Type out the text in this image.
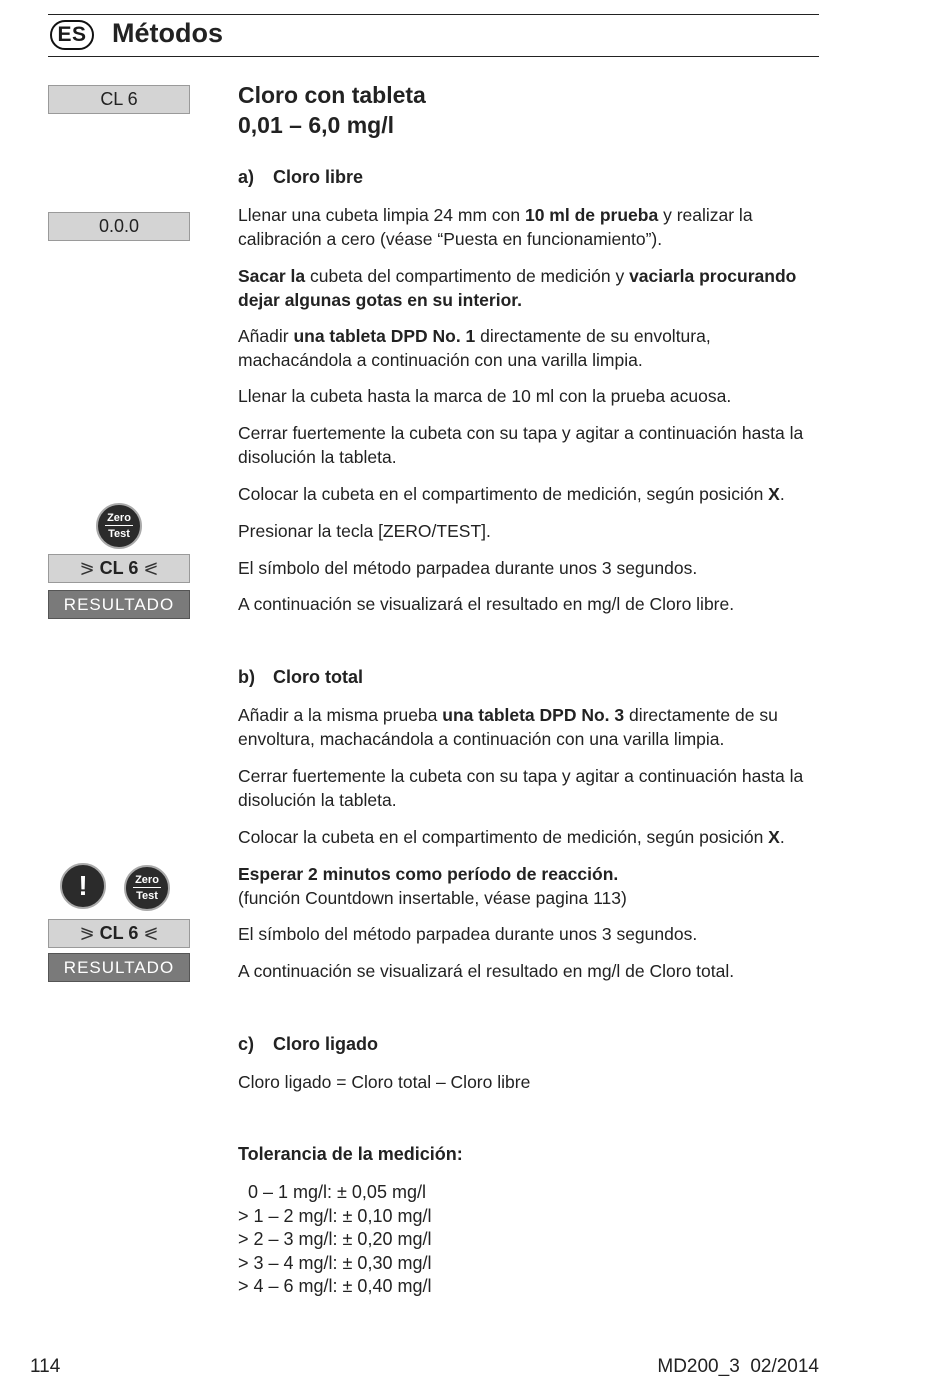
ES Métodos
CL 6
0.0.0
Zero
Test
⪖ CL 6 ⪕
RESULTADO
!	Zero
Test
⪖ CL 6 ⪕
RESULTADO
Cloro con tableta
0,01 – 6,0 mg/l
a) Cloro libre
Llenar una cubeta limpia 24 mm con 10 ml de prueba y realizar la calibración a cero (véase “Puesta en funcionamiento”).
Sacar la cubeta del compartimento de medición y vaciarla procurando dejar algunas gotas en su interior.
Añadir una tableta DPD No. 1 directamente de su envoltura, machacándola a continuación con una varilla limpia.
Llenar la cubeta hasta la marca de 10 ml con la prueba acuosa.
Cerrar fuertemente la cubeta con su tapa y agitar a continuación hasta la disolución la tableta.
Colocar la cubeta en el compartimento de medición, según posición X.
Presionar la tecla [ZERO/TEST].
El símbolo del método parpadea durante unos 3 segundos.
A continuación se visualizará el resultado en mg/l de Cloro libre.
b) Cloro total
Añadir a la misma prueba una tableta DPD No. 3 directamente de su envoltura, machacándola a continuación con una varilla limpia.
Cerrar fuertemente la cubeta con su tapa y agitar a continuación hasta la disolución la tableta.
Colocar la cubeta en el compartimento de medición, según posición X.
Esperar 2 minutos como período de reacción.
(función Countdown insertable, véase pagina 113)
El símbolo del método parpadea durante unos 3 segundos.
A continuación se visualizará el resultado en mg/l de Cloro total.
c) Cloro ligado
Cloro ligado = Cloro total – Cloro libre
Tolerancia de la medición:
0 – 1 mg/l: ± 0,05 mg/l
> 1 – 2 mg/l: ± 0,10 mg/l
> 2 – 3 mg/l: ± 0,20 mg/l
> 3 – 4 mg/l: ± 0,30 mg/l
> 4 – 6 mg/l: ± 0,40 mg/l
114	MD200_3  02/2014
